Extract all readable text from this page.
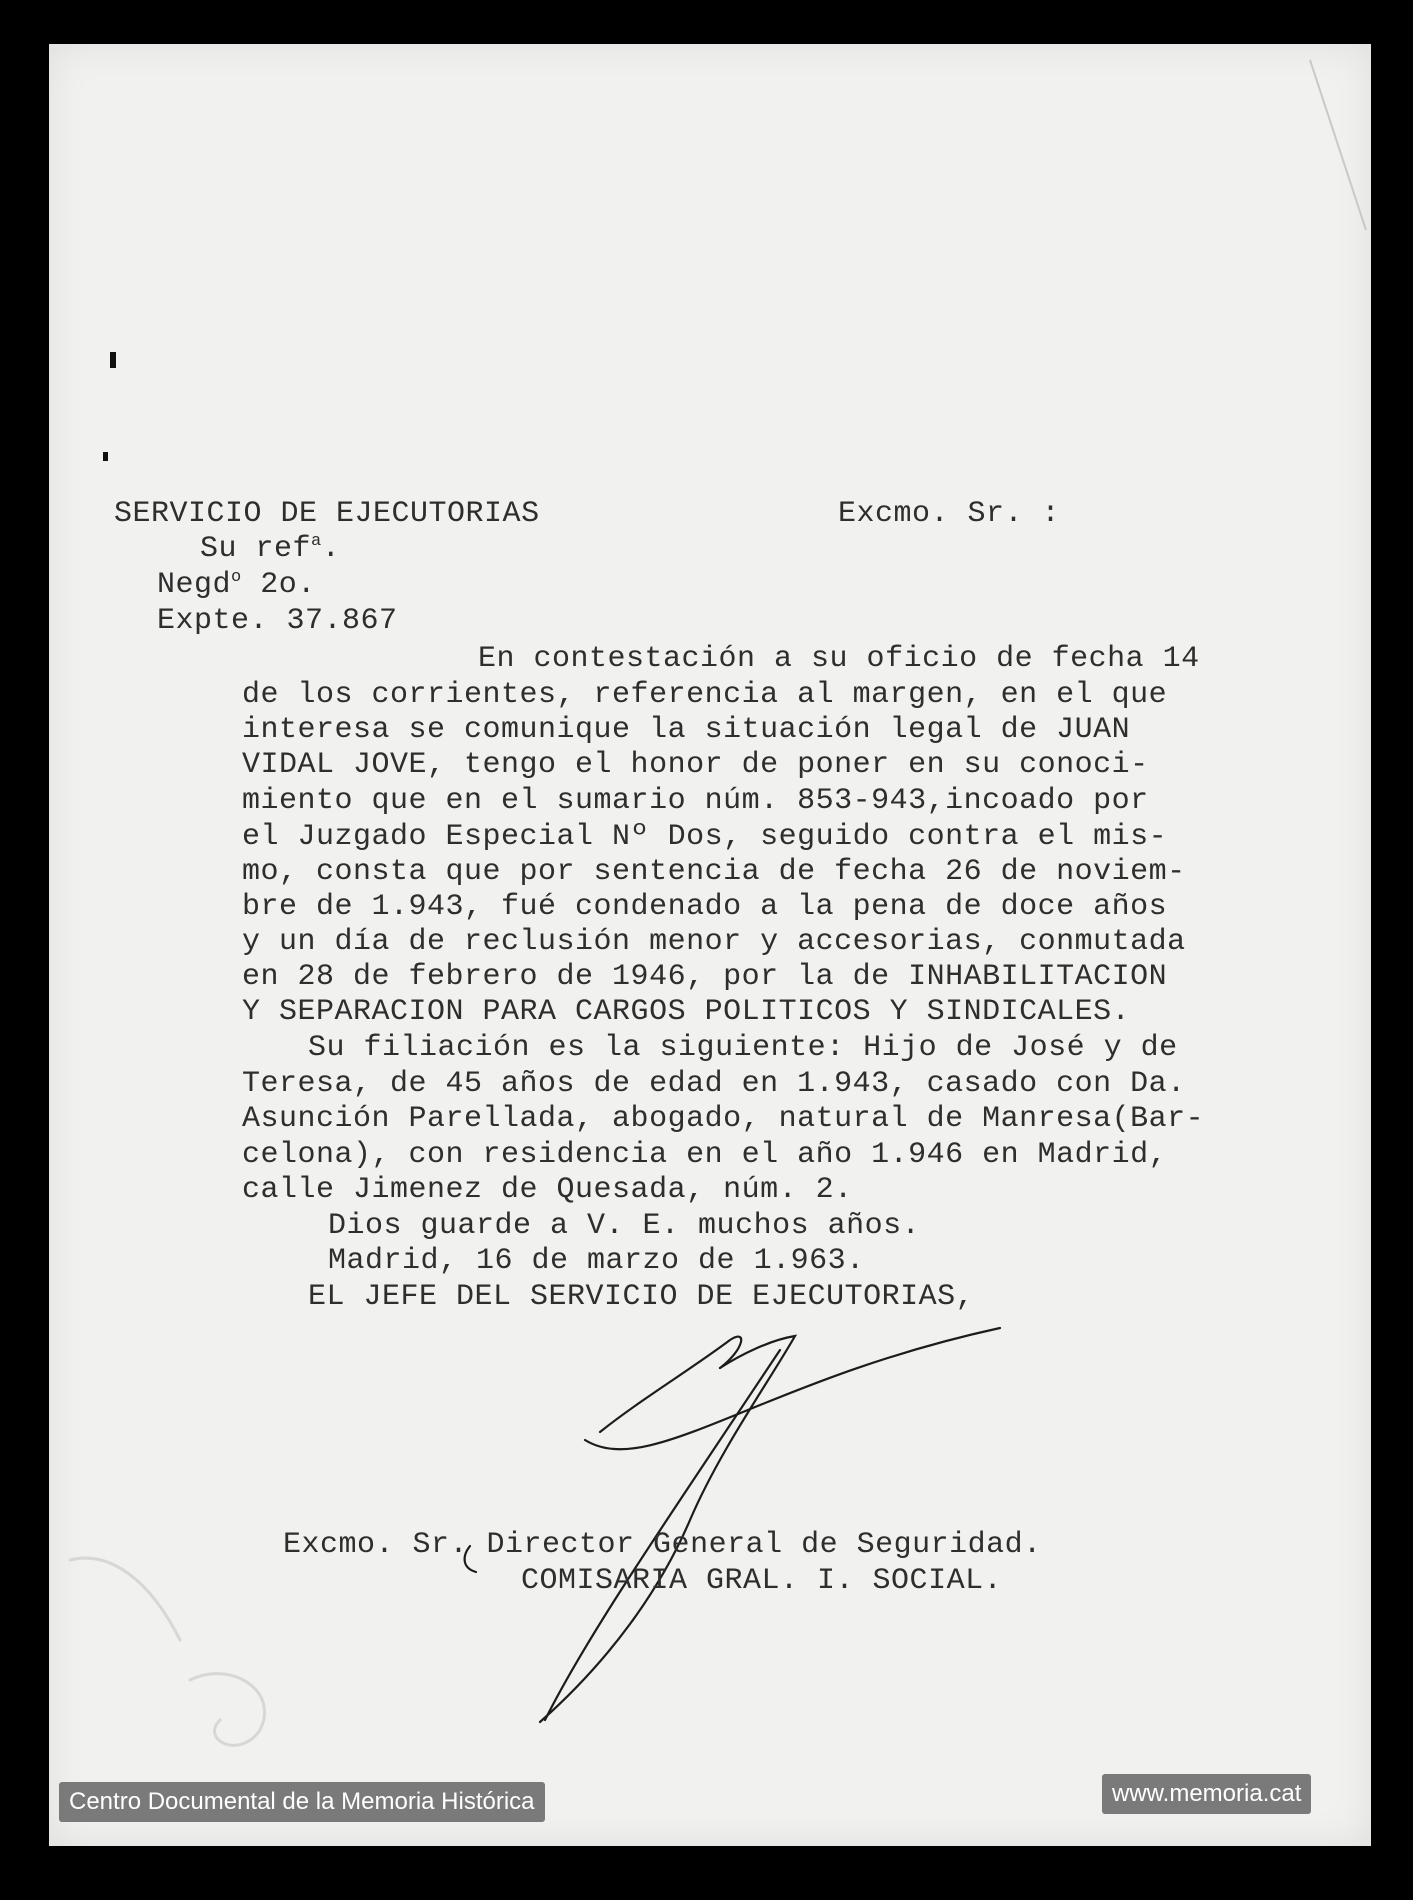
SERVICIO DE EJECUTORIAS	Excmo. Sr. :

Su ref$^a$.

Negd$^o$ 2o.

Expte. 37.867

En contestación a su oficio de fecha 14

de los corrientes, referencia al margen, en el que

interesa se comunique la situación legal de JUAN

VIDAL JOVE, tengo el honor de poner en su conoci-

miento que en el sumario núm. 853-943,incoado por

el Juzgado Especial Nº Dos, seguido contra el mis-

mo, consta que por sentencia de fecha 26 de noviem-

bre de 1.943, fué condenado a la pena de doce años

y un día de reclusión menor y accesorias, conmutada

en 28 de febrero de 1946, por la de INHABILITACION

Y SEPARACION PARA CARGOS POLITICOS Y SINDICALES.

Su filiación es la siguiente: Hijo de José y de

Teresa, de 45 años de edad en 1.943, casado con Da.

Asunción Parellada, abogado, natural de Manresa(Bar-

celona), con residencia en el año 1.946 en Madrid,

calle Jimenez de Quesada, núm. 2.

Dios guarde a V. E. muchos años.

Madrid, 16 de marzo de 1.963.

EL JEFE DEL SERVICIO DE EJECUTORIAS,

Excmo. Sr. Director General de Seguridad.

COMISARIA GRAL. I. SOCIAL.

Centro Documental de la Memoria Histórica	www.memoria.cat
